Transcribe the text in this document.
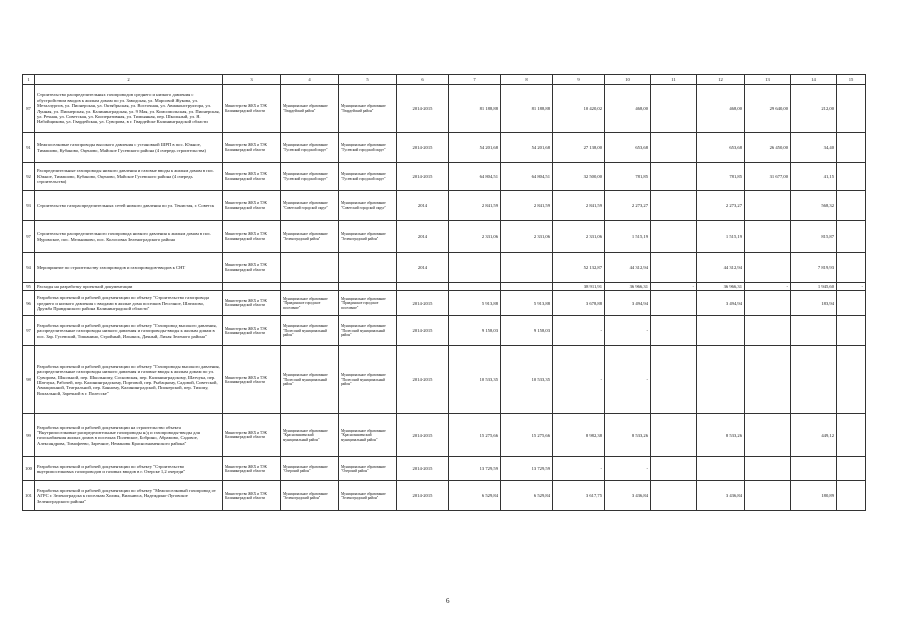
1	2	3	4	5	6	7	8	9	10	11	12	13	14	15
87	Строительство распределительных газопроводов среднего и низкого давления с обустройством вводов к жилым домам по ул. Заводская, ул. Марсовой Жукова, ул. Металлургов, ул. Пионерская, ул. Октябрьская, ул. Восточная, ул. Авиаконструктора, ул. Лунная, ул. Пионерская, ул. Калининградская, ул. 9 Мая, ул. Комсомольская, ул. Пионерская, ул. Речная, ул. Советская, ул. Кооперативная, ул. Тимьянная, пер. Школьный, ул. Я. Набойщикова, ул. Гвардейская, ул. Суворова, в г. Гвардейске Калининградской области	Министерство ЖКХ и ТЭК Калининградской области	Муниципальное образование "Гвардейский район"	Муниципальное образование "Гвардейский район"	2014-2015	81 188,88	81 188,88	10 420,02	468,00		468,00	29 640,00	212,00	
91	Межпоселковые газопроводы высокого давления с установкой ШРП в пос. Южное, Тимашово, Кубаново, Оценово, Майское Гусевского района (4 очередь строительства)	Министерство ЖКХ и ТЭК Калининградской области	Муниципальное образование "Гусевский городской округ"	Муниципальное образование "Гусевский городской округ"	2014-2015	54 201,68	54 201,68	27 138,00	653,68		653,68	26 450,00	34,40	
92	Распределительные газопроводы низкого давления и газовые вводы к жилым домам в пос. Южное, Тимашово, Кубаново, Оценово, Майское Гусевского района (4 очередь строительства)	Министерство ЖКХ и ТЭК Калининградской области	Муниципальное образование "Гусевский городской округ"	Муниципальное образование "Гусевский городской округ"	2014-2015	64 804,51	64 804,51	32 500,00	781,85		781,85	31 677,00	41,15	
93	Строительство газораспределительных сетей низкого давления по ул. Тенистая, г. Советск	Министерство ЖКХ и ТЭК Калининградской области	Муниципальное образование "Советский городской округ"	Муниципальное образование "Советский городской округ"	2014	2 841,59	2 841,59	2 841,59	2 273,27		2 273,27		568,32	
97	Строительство распределительного газопровода низкого давления к жилым домам в пос. Муромское, пос. Мельниково, пос. Колосовка Зеленоградского района	Министерство ЖКХ и ТЭК Калининградской области	Муниципальное образование "Зеленоградский район"	Муниципальное образование "Зеленоградский район"	2014	2 331,06	2 331,06	2 331,06	1 515,19		1 515,19		815,87	
94	Мероприятие по строительству газопроводов и газопроводов-вводов к СНТ	Министерство ЖКХ и ТЭК Калининградской области			2014			52 132,87	44 312,94		44 312,94		7 819,93	
95	Расходы на разработку проектной документации							38 911,91	36 966,31	-	36 966,31	-	1 945,60	-
96	Разработка проектной и рабочей документации по объекту "Строительство газопровода среднего и низкого давления с вводами в жилые дома поселков Песочное, Шатилово, Дружба Правдинского района Калининградской области"	Министерство ЖКХ и ТЭК Калининградской области	Муниципальное образование "Правдинское городское поселение"	Муниципальное образование "Правдинское городское поселение"	2014-2015	5 913,88	5 913,88	3 678,88	3 494,94		3 494,94		183,94	
97	Разработка проектной и рабочей документации по объекту "Газопровод высокого давления, распределительные газопроводы низкого давления и газопроводы-вводы к жилым домам в пос. Зар. Гусевский, Тишанино, Стройный, Ильинск, Дачный, Лихая Зеленого района"	Министерство ЖКХ и ТЭК Калининградской области	Муниципальное образование "Полесский муниципальный район"	Муниципальное образование "Полесский муниципальный район"	2014-2015	9 158,03	9 158,03	-	-					
98	Разработка проектной и рабочей документации по объекту "Газопроводы высокого давления, распределительные газопроводы низкого давления и газовые вводы к жилым домам по ул. Суворова, Школьной, пер. Школьному, Сосновская, пер. Калининградскому, Шатчука, пер. Шатчука, Рабочей, пер. Калининградскому, Портовой, пер. Рыбацкому, Садовой, Советской, Авиационной, Театральной, пер. Банному, Калининградской, Пионерской, пер. Тихому, Вокзальной, Заречной в г. Полесске"	Министерство ЖКХ и ТЭК Калининградской области	Муниципальное образование "Полесский муниципальный район"	Муниципальное образование "Полесский муниципальный район"	2014-2015	10 533,35	10 533,35	-	-					
99	Разработка проектной и рабочей документации на строительство объекта "Внутрипоселковые распределительные газопроводы н/д и газопроводы-вводы для газоснабжения жилых домов в поселках Полевское, Бобрино, Абрамово, Садовое, Александрова, Тимофеево, Заречное, Немановк Краснознаменского района"	Министерство ЖКХ и ТЭК Калининградской области	Муниципальное образование "Краснознаменский муниципальный район"	Муниципальное образование "Краснознаменский муниципальный район"	2014-2015	15 275,66	15 275,66	8 982,38	8 533,26		8 533,26		449,12	
100	Разработка проектной и рабочей документации по объекту "Строительство внутрипоселковых газопроводов и газовых вводов в г. Озерске 1,2 очереди"	Министерство ЖКХ и ТЭК Калининградской области	Муниципальное образование "Озерский район"	Муниципальное образование "Озерский район"	2014-2015	13 729,59	13 729,59	-	-					
101	Разработка проектной и рабочей документации по объекту "Межпоселковый газопровод от АГРС г. Зеленоградска к поселкам Холмы, Вильнюса, Надеждино-Луговское Зеленоградского района"	Министерство ЖКХ и ТЭК Калининградской области	Муниципальное образование "Зеленоградский район"	Муниципальное образование "Зеленоградский район"	2014-2015	6 529,84	6 529,84	3 617,75	3 436,84		3 436,84		180,89	
6
